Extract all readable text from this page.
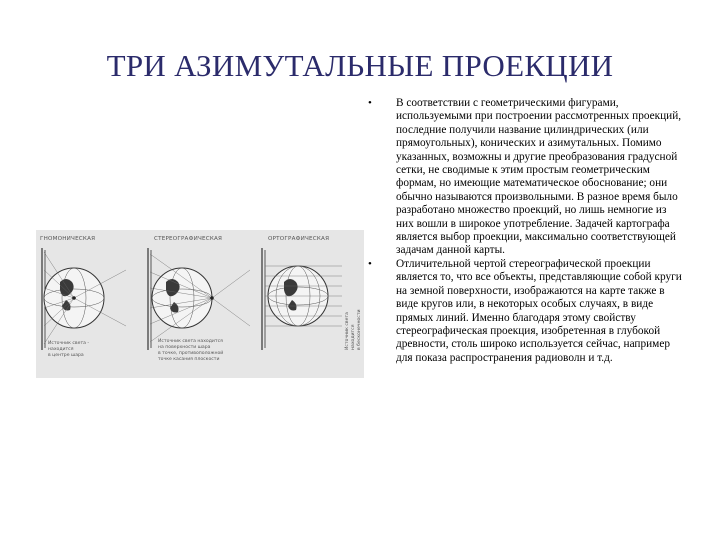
ТРИ АЗИМУТАЛЬНЫЕ ПРОЕКЦИИ
ГНОМОНИЧЕСКАЯ	СТЕРЕОГРАФИЧЕСКАЯ	ОРТОГРАФИЧЕСКАЯ
Источник света -
находится
в центре шара
Источник света находится
на поверхности шара
в точке, противоположной
точке касания плоскости
Источник света находится в бесконечности
• В соответствии с геометрическими фигурами, используемыми при построении рассмотренных проекций, последние получили название цилиндрических (или прямоугольных), конических и азимутальных. Помимо указанных, возможны и другие преобразования градусной сетки, не сводимые к этим простым геометрическим формам, но имеющие математическое обоснование; они обычно называются произвольными. В разное время было разработано множество проекций, но лишь немногие из них вошли в широкое употребление. Задачей картографа является выбор проекции, максимально соответствующей задачам данной карты.
• Отличительной чертой стереографической проекции является то, что все объекты, представляющие собой круги на земной поверхности, изображаются на карте также в виде кругов или, в некоторых особых случаях, в виде прямых линий. Именно благодаря этому свойству стереографическая проекция, изобретенная в глубокой древности, столь широко используется сейчас, например для показа распространения радиоволн и т.д.
